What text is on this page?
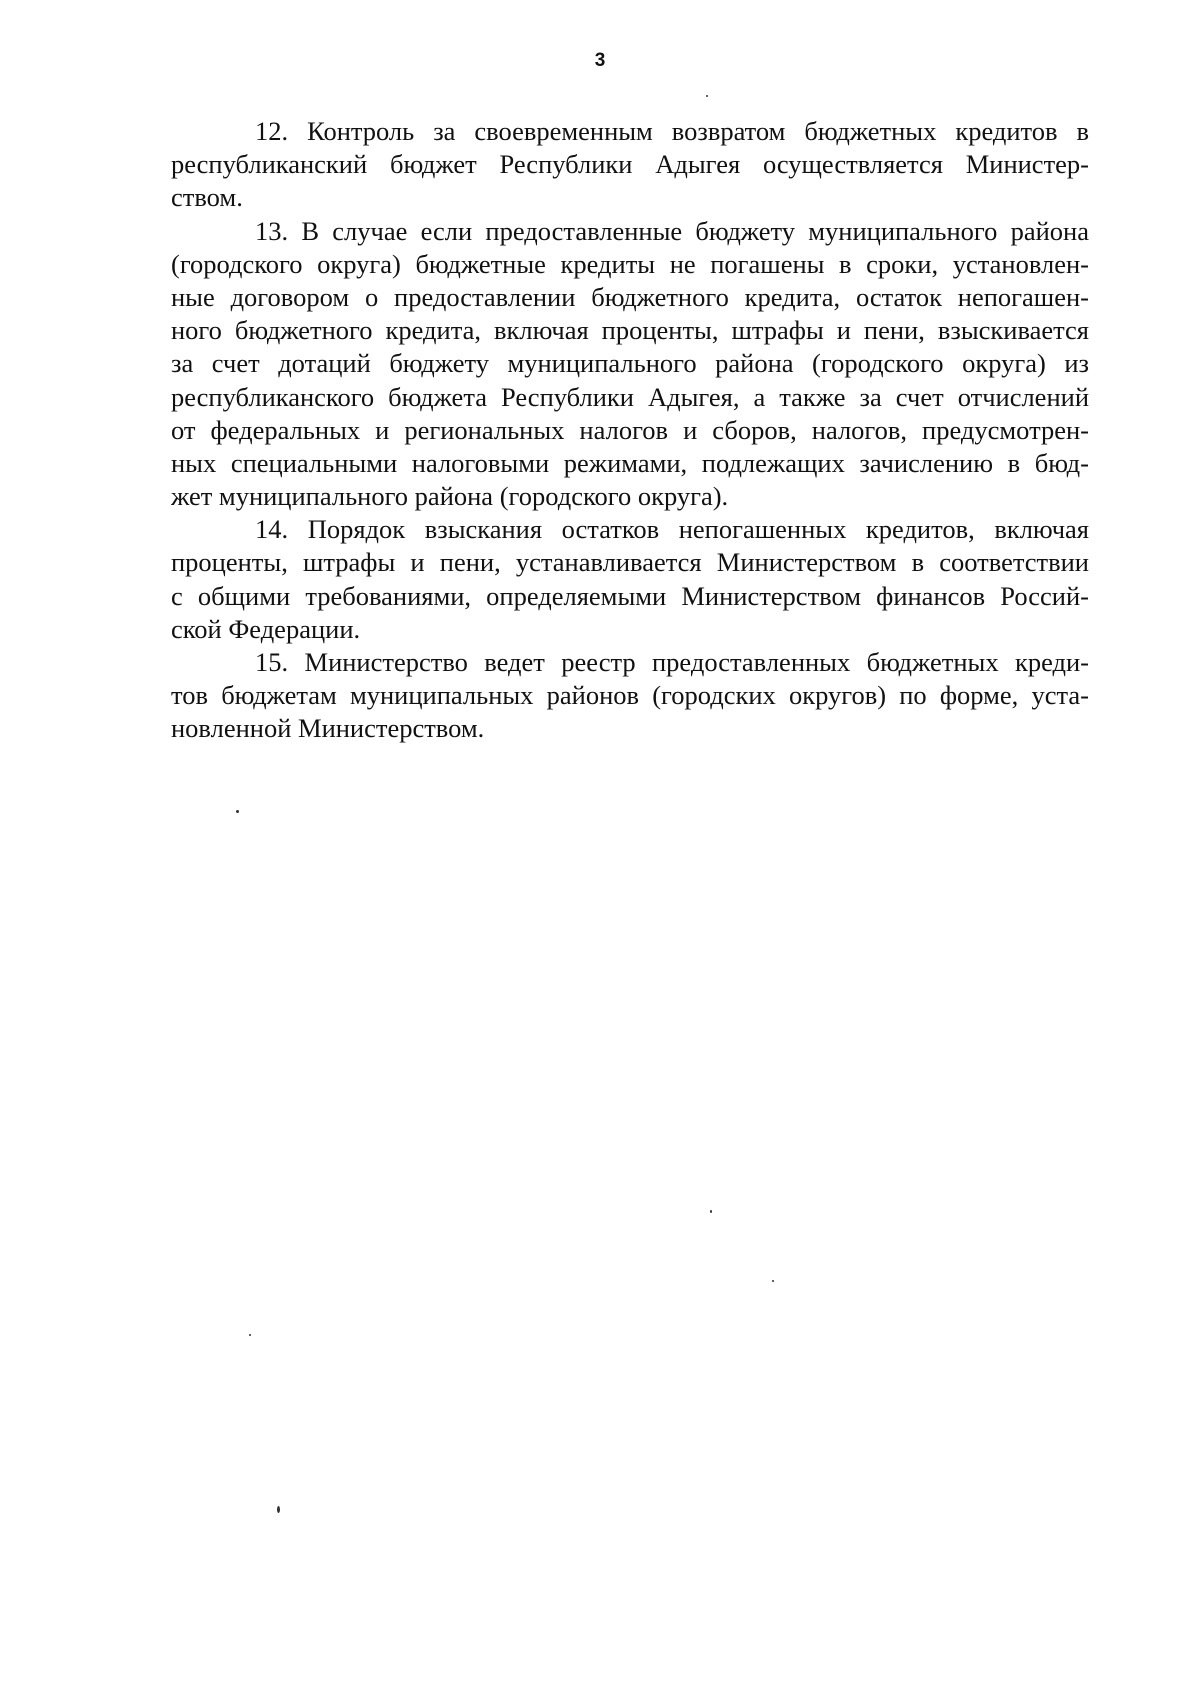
3
12. Контроль за своевременным возвратом бюджетных кредитов в
республиканский бюджет Республики Адыгея осуществляется Министер-
ством.
13. В случае если предоставленные бюджету муниципального района
(городского округа) бюджетные кредиты не погашены в сроки, установлен-
ные договором о предоставлении бюджетного кредита, остаток непогашен-
ного бюджетного кредита, включая проценты, штрафы и пени, взыскивается
за счет дотаций бюджету муниципального района (городского округа) из
республиканского бюджета Республики Адыгея, а также за счет отчислений
от федеральных и региональных налогов и сборов, налогов, предусмотрен-
ных специальными налоговыми режимами, подлежащих зачислению в бюд-
жет муниципального района (городского округа).
14. Порядок взыскания остатков непогашенных кредитов, включая
проценты, штрафы и пени, устанавливается Министерством в соответствии
с общими требованиями, определяемыми Министерством финансов Россий-
ской Федерации.
15. Министерство ведет реестр предоставленных бюджетных креди-
тов бюджетам муниципальных районов (городских округов) по форме, уста-
новленной Министерством.
